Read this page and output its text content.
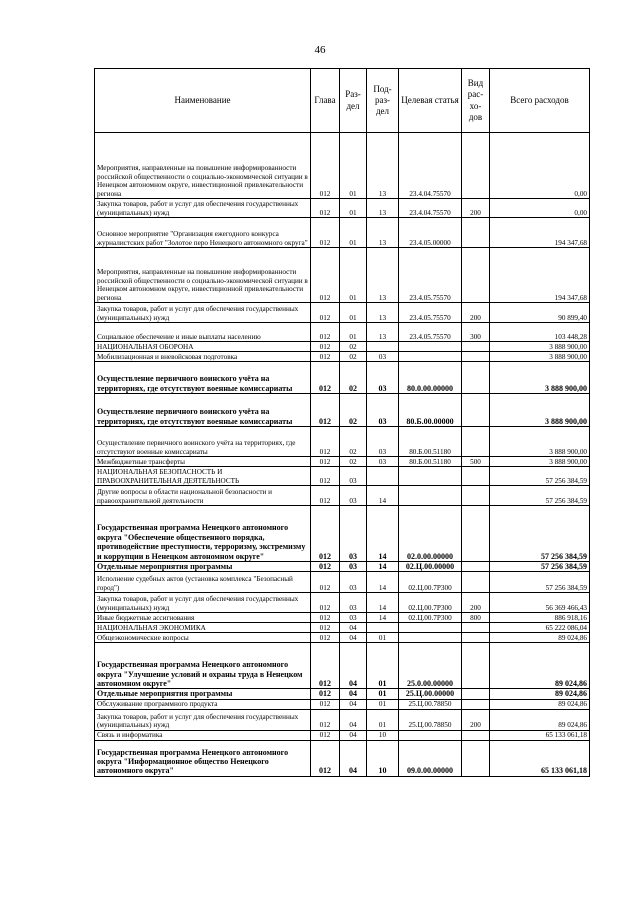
46
Наименование	Глава	Раз- дел	Под- раз- дел	Целевая статья	Вид рас- хо- дов	Всего расходов
Мероприятия, направленные на повышение информированности российской общественности о социально-экономической ситуации в Ненецком автономном округе, инвестиционной привлекательности региона	012	01	13	23.4.04.75570		0,00
Закупка товаров, работ и услуг для обеспечения государственных (муниципальных) нужд	012	01	13	23.4.04.75570	200	0,00
Основное мероприятие "Организация ежегодного конкурса журналистских работ "Золотое перо Ненецкого автономного округа"	012	01	13	23.4.05.00000		194 347,68
Мероприятия, направленные на повышение информированности российской общественности о социально-экономической ситуации в Ненецком автономном округе, инвестиционной привлекательности региона	012	01	13	23.4.05.75570		194 347,68
Закупка товаров, работ и услуг для обеспечения государственных (муниципальных) нужд	012	01	13	23.4.05.75570	200	90 899,40
Социальное обеспечение и иные выплаты населению	012	01	13	23.4.05.75570	300	103 448,28
НАЦИОНАЛЬНАЯ ОБОРОНА	012	02				3 888 900,00
Мобилизационная и вневойсковая подготовка	012	02	03			3 888 900,00
Осуществление первичного воинского учёта на территориях, где отсутствуют военные комиссариаты	012	02	03	80.0.00.00000		3 888 900,00
Осуществление первичного воинского учёта на территориях, где отсутствуют военные комиссариаты	012	02	03	80.Б.00.00000		3 888 900,00
Осуществление первичного воинского учёта на территориях, где отсутствуют военные комиссариаты	012	02	03	80.Б.00.51180		3 888 900,00
Межбюджетные трансферты	012	02	03	80.Б.00.51180	500	3 888 900,00
НАЦИОНАЛЬНАЯ БЕЗОПАСНОСТЬ И ПРАВООХРАНИТЕЛЬНАЯ ДЕЯТЕЛЬНОСТЬ	012	03				57 256 384,59
Другие вопросы в области национальной безопасности и правоохранительной деятельности	012	03	14			57 256 384,59
Государственная программа Ненецкого автономного округа "Обеспечение общественного порядка, противодействие преступности, терроризму, экстремизму и коррупции в Ненецком автономном округе"	012	03	14	02.0.00.00000		57 256 384,59
Отдельные мероприятия программы	012	03	14	02.Ц.00.00000		57 256 384,59
Исполнение судебных актов (установка комплекса "Безопасный город")	012	03	14	02.Ц.00.7Р300		57 256 384,59
Закупка товаров, работ и услуг для обеспечения государственных (муниципальных) нужд	012	03	14	02.Ц.00.7Р300	200	56 369 466,43
Иные бюджетные ассигнования	012	03	14	02.Ц.00.7Р300	800	886 918,16
НАЦИОНАЛЬНАЯ ЭКОНОМИКА	012	04				65 222 086,04
Общеэкономические вопросы	012	04	01			89 024,86
Государственная программа Ненецкого автономного округа "Улучшение условий и охраны труда в Ненецком автономном округе"	012	04	01	25.0.00.00000		89 024,86
Отдельные мероприятия программы	012	04	01	25.Ц.00.00000		89 024,86
Обслуживание программного продукта	012	04	01	25.Ц.00.78850		89 024,86
Закупка товаров, работ и услуг для обеспечения государственных (муниципальных) нужд	012	04	01	25.Ц.00.78850	200	89 024,86
Связь и информатика	012	04	10			65 133 061,18
Государственная программа Ненецкого автономного округа "Информационное общество Ненецкого автономного округа"	012	04	10	09.0.00.00000		65 133 061,18
